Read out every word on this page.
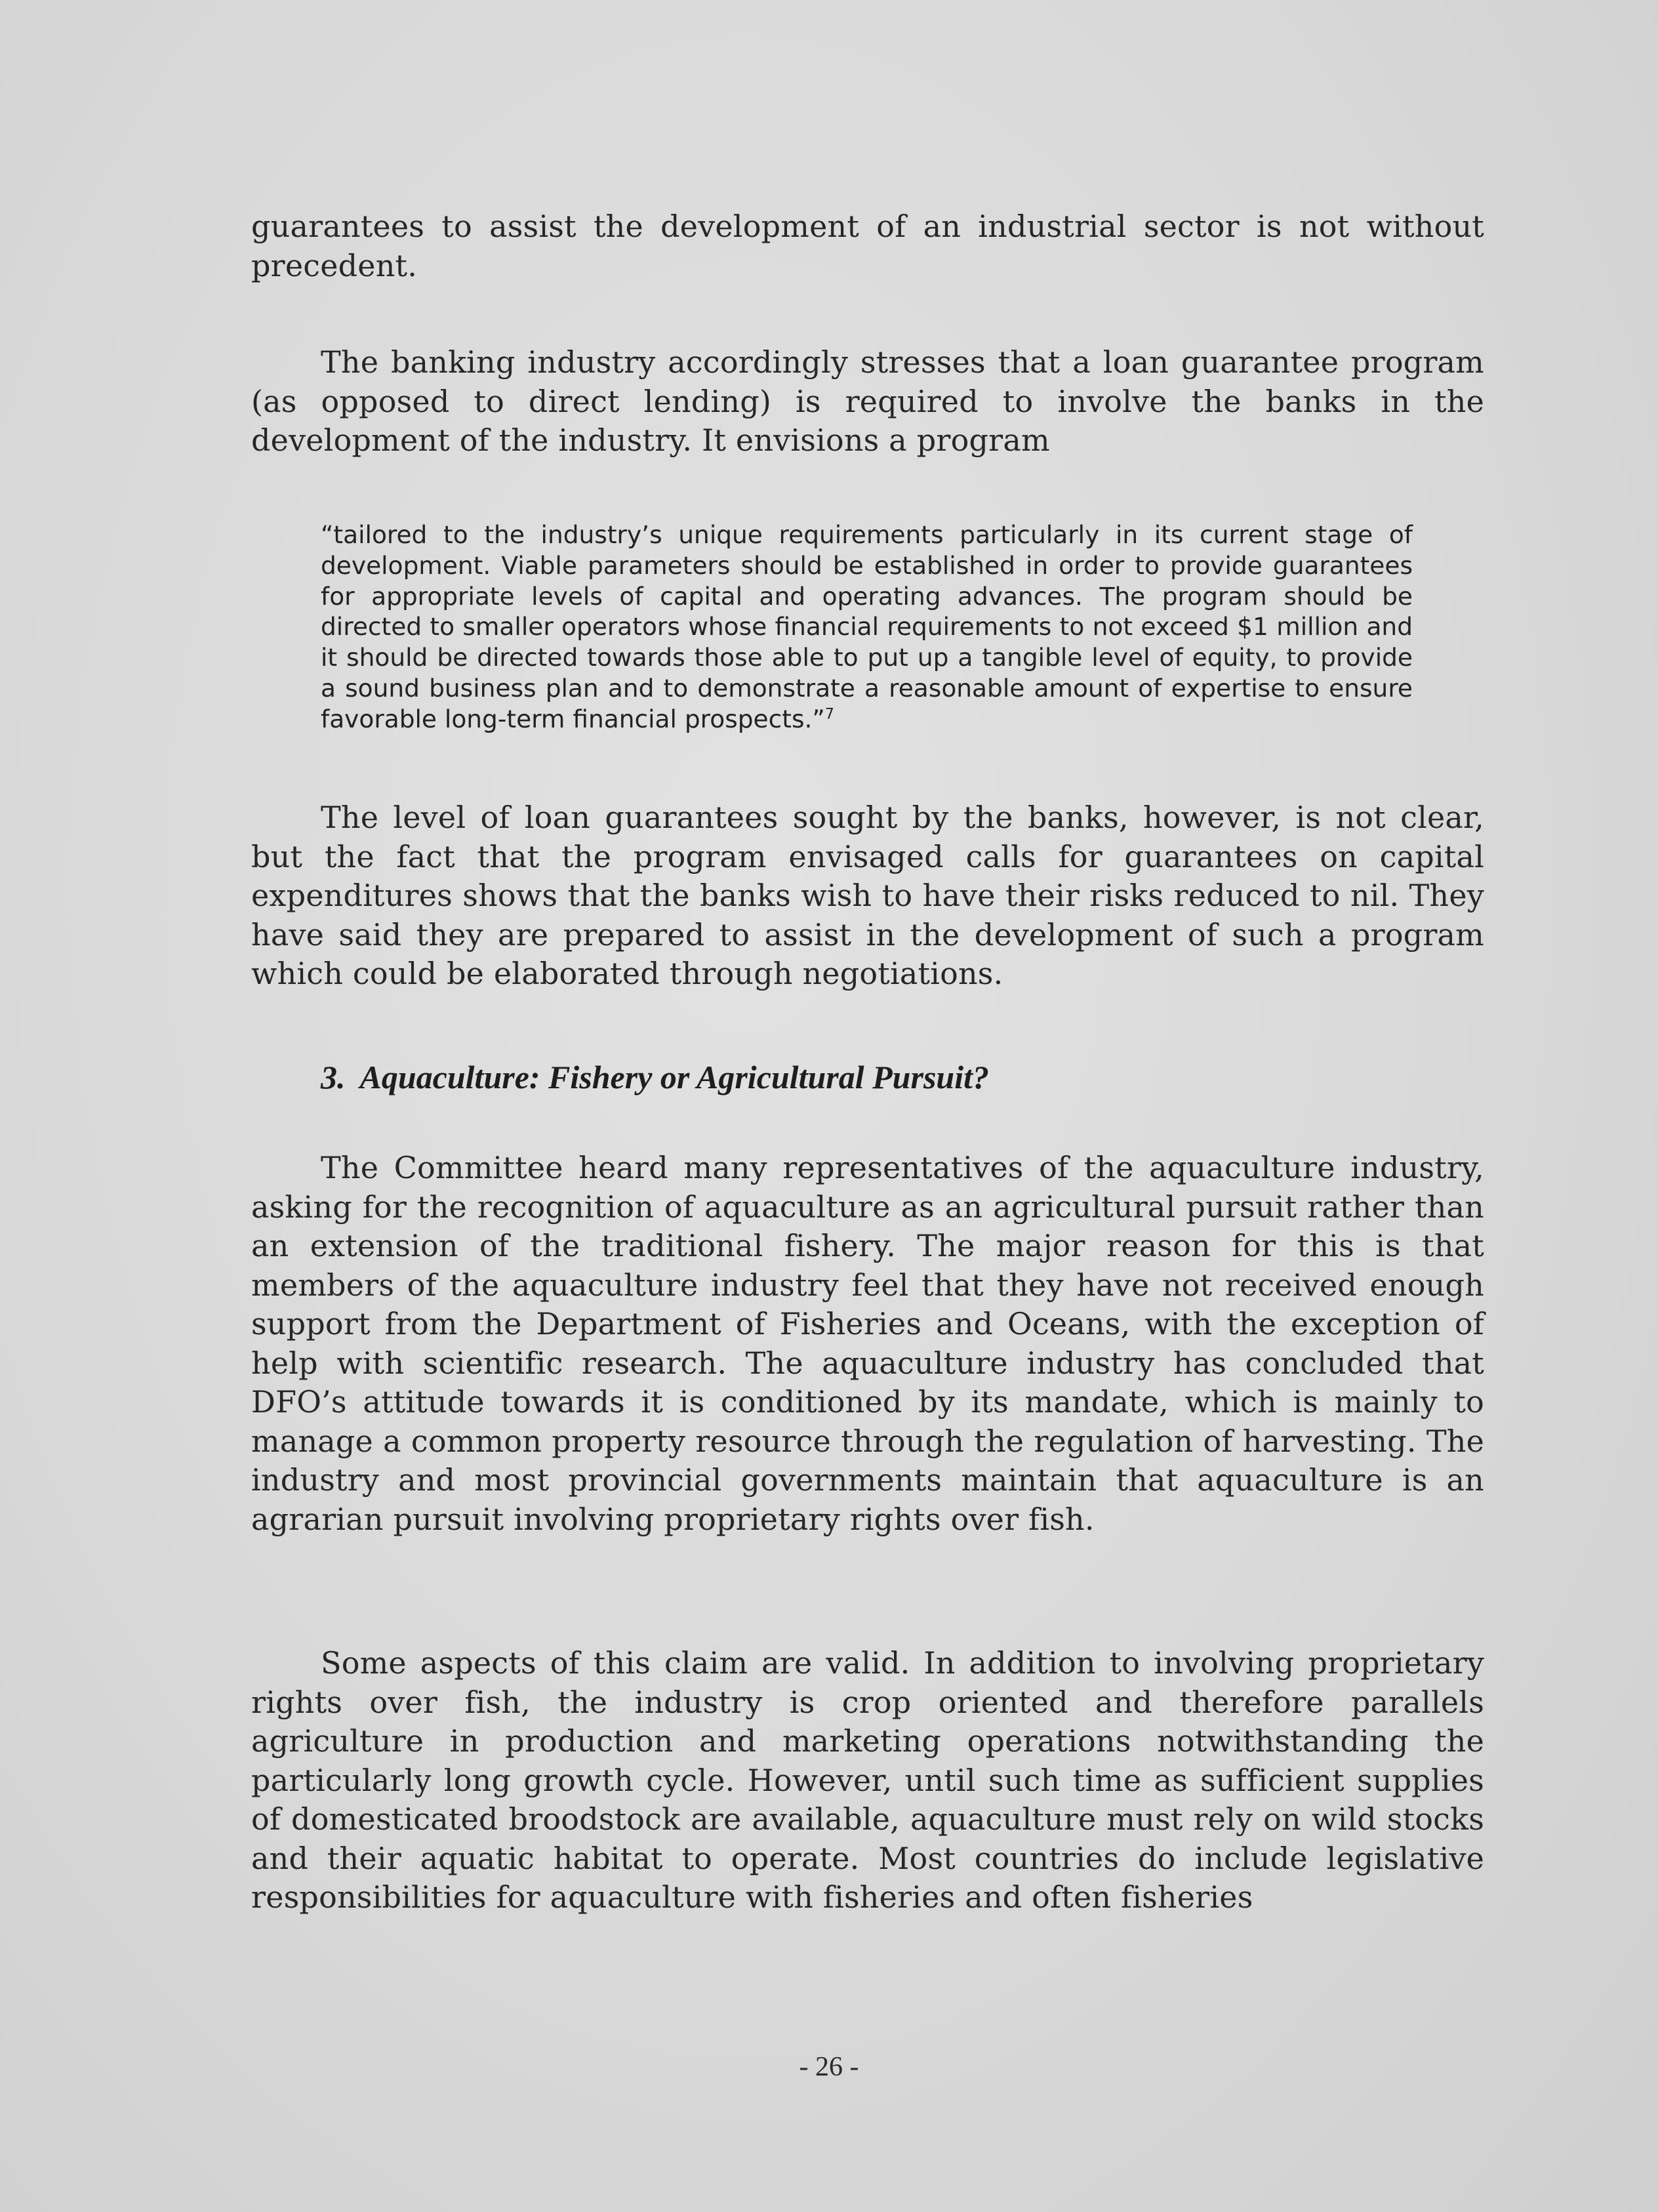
guarantees to assist the development of an industrial sector is not without precedent.

The banking industry accordingly stresses that a loan guarantee program (as opposed to direct lending) is required to involve the banks in the development of the industry. It envisions a program

“tailored to the industry’s unique requirements particularly in its current stage of development. Viable parameters should be established in order to provide guarantees for appropriate levels of capital and operating advances. The program should be directed to smaller operators whose financial requirements to not exceed $1 million and it should be directed towards those able to put up a tangible level of equity, to provide a sound business plan and to demonstrate a reasonable amount of expertise to ensure favorable long-term financial prospects.”$^7$

The level of loan guarantees sought by the banks, however, is not clear, but the fact that the program envisaged calls for guarantees on capital expenditures shows that the banks wish to have their risks reduced to nil. They have said they are prepared to assist in the development of such a program which could be elaborated through negotiations.

3. Aquaculture: Fishery or Agricultural Pursuit?

The Committee heard many representatives of the aquaculture industry, asking for the recognition of aquaculture as an agricultural pursuit rather than an extension of the traditional fishery. The major reason for this is that members of the aquaculture industry feel that they have not received enough support from the Department of Fisheries and Oceans, with the exception of help with scientific research. The aquaculture industry has concluded that DFO’s attitude towards it is conditioned by its mandate, which is mainly to manage a common property resource through the regulation of harvesting. The industry and most provincial governments maintain that aquaculture is an agrarian pursuit involving proprietary rights over fish.

Some aspects of this claim are valid. In addition to involving proprietary rights over fish, the industry is crop oriented and therefore parallels agriculture in production and marketing operations notwithstanding the particularly long growth cycle. However, until such time as sufficient supplies of domesticated broodstock are available, aquaculture must rely on wild stocks and their aquatic habitat to operate. Most countries do include legislative responsibilities for aquaculture with fisheries and often fisheries

- 26 -
